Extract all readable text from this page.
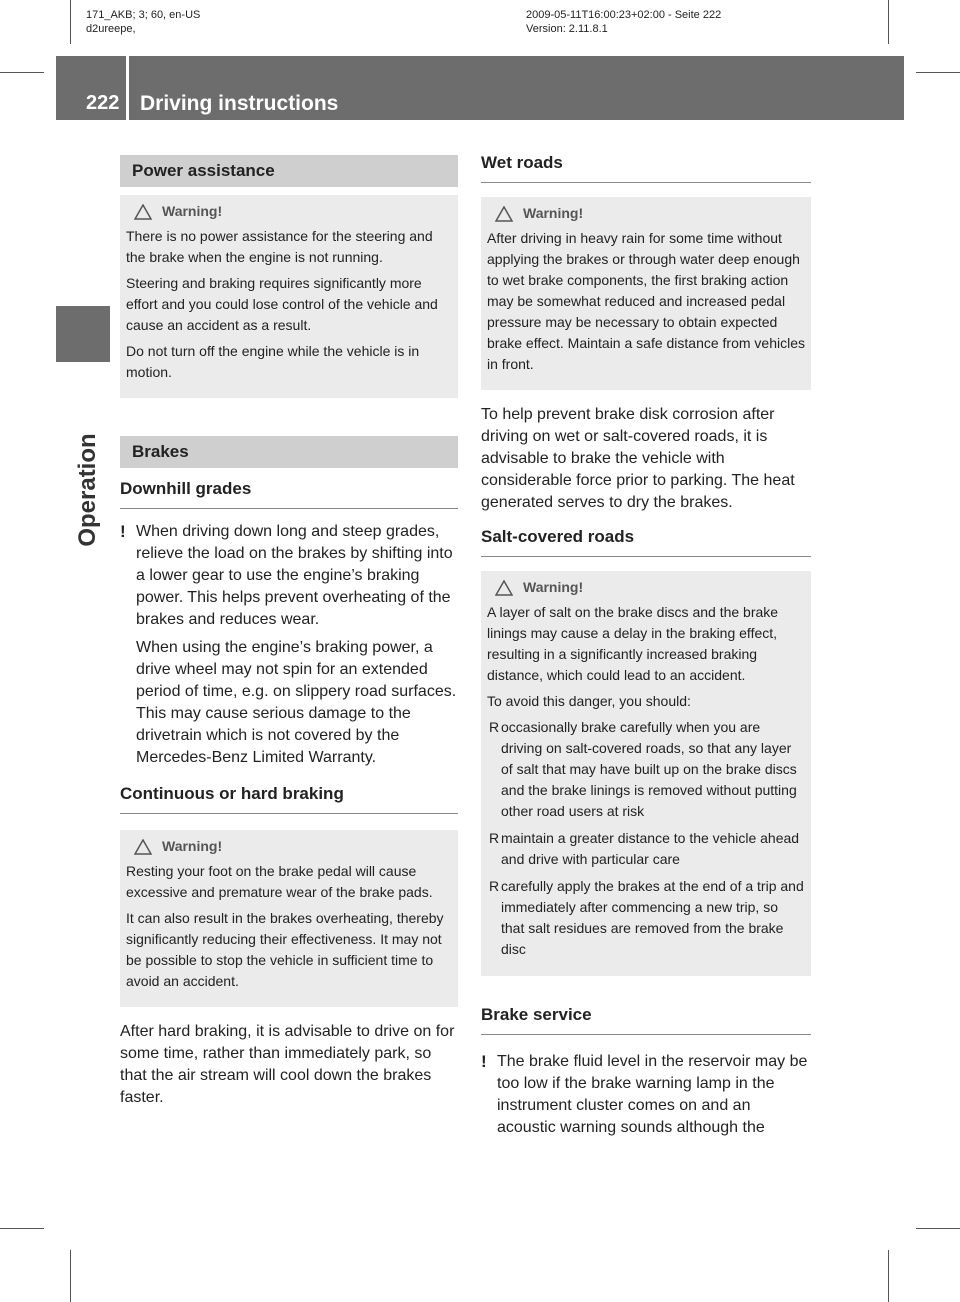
171_AKB; 3; 60, en-US
d2ureepe,
2009-05-11T16:00:23+02:00 - Seite 222
Version: 2.11.8.1
222 Driving instructions
Operation
Power assistance
Warning!

There is no power assistance for the steering and the brake when the engine is not running.

Steering and braking requires significantly more effort and you could lose control of the vehicle and cause an accident as a result.

Do not turn off the engine while the vehicle is in motion.

Brakes
Downhill grades
! When driving down long and steep grades, relieve the load on the brakes by shifting into a lower gear to use the engine’s braking power. This helps prevent overheating of the brakes and reduces wear.

When using the engine’s braking power, a drive wheel may not spin for an extended period of time, e.g. on slippery road surfaces. This may cause serious damage to the drivetrain which is not covered by the Mercedes-Benz Limited Warranty.

Continuous or hard braking
Warning!

Resting your foot on the brake pedal will cause excessive and premature wear of the brake pads.

It can also result in the brakes overheating, thereby significantly reducing their effectiveness. It may not be possible to stop the vehicle in sufficient time to avoid an accident.

After hard braking, it is advisable to drive on for some time, rather than immediately park, so that the air stream will cool down the brakes faster.

Wet roads
Warning!

After driving in heavy rain for some time without applying the brakes or through water deep enough to wet brake components, the first braking action may be somewhat reduced and increased pedal pressure may be necessary to obtain expected brake effect. Maintain a safe distance from vehicles in front.

To help prevent brake disk corrosion after driving on wet or salt-covered roads, it is advisable to brake the vehicle with considerable force prior to parking. The heat generated serves to dry the brakes.

Salt-covered roads
Warning!

A layer of salt on the brake discs and the brake linings may cause a delay in the braking effect, resulting in a significantly increased braking distance, which could lead to an accident.

To avoid this danger, you should:

R occasionally brake carefully when you are driving on salt-covered roads, so that any layer of salt that may have built up on the brake discs and the brake linings is removed without putting other road users at risk
R maintain a greater distance to the vehicle ahead and drive with particular care
R carefully apply the brakes at the end of a trip and immediately after commencing a new trip, so that salt residues are removed from the brake disc
Brake service
! The brake fluid level in the reservoir may be too low if the brake warning lamp in the instrument cluster comes on and an acoustic warning sounds although the
